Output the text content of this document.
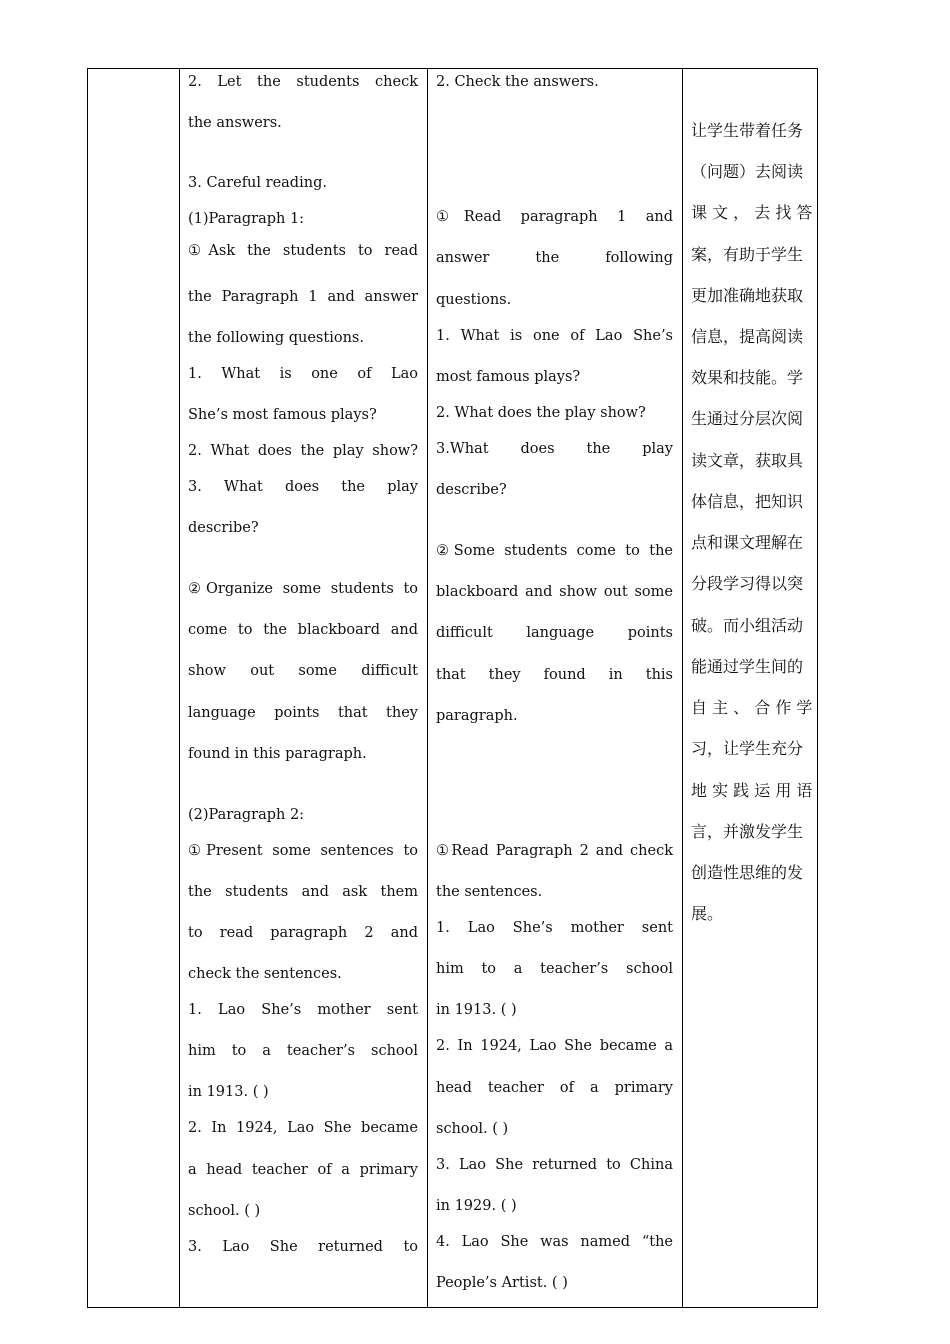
2. Let the students check
the answers.
3. Careful reading.
(1)Paragraph 1:
①Ask the students to read
the Paragraph 1 and answer
the following questions.
1. What is one of Lao
She’s most famous plays?
2. What does the play show?
3. What does the play
describe?
②Organize some students to
come to the blackboard and
show out some difficult
language points that they
found in this paragraph.
(2)Paragraph 2:
①Present some sentences to
the students and ask them
to read paragraph 2 and
check the sentences.
1. Lao She’s mother sent
him to a teacher’s school
in 1913. ( )
2. In 1924, Lao She became
a head teacher of a primary
school. ( )
3. Lao She returned to
2. Check the answers.
①Read paragraph 1 and
answer the following
questions.
1. What is one of Lao She’s
most famous plays?
2. What does the play show?
3.What does the play
describe?
②Some students come to the
blackboard and show out some
difficult language points
that they found in this
paragraph.
①Read Paragraph 2 and check
the sentences.
1. Lao She’s mother sent
him to a teacher’s school
in 1913. ( )
2. In 1924, Lao She became a
head teacher of a primary
school. ( )
3. Lao She returned to China
in 1929. ( )
4. Lao She was named “the
People’s Artist. ( )
让学生带着任务
（问题）去阅读
课 文 ， 去 找 答
案，有助于学生
更加准确地获取
信息，提高阅读
效果和技能。学
生通过分层次阅
读文章，获取具
体信息，把知识
点和课文理解在
分段学习得以突
破。而小组活动
能通过学生间的
自 主 、 合 作 学
习，让学生充分
地 实 践 运 用 语
言，并激发学生
创造性思维的发
展。
